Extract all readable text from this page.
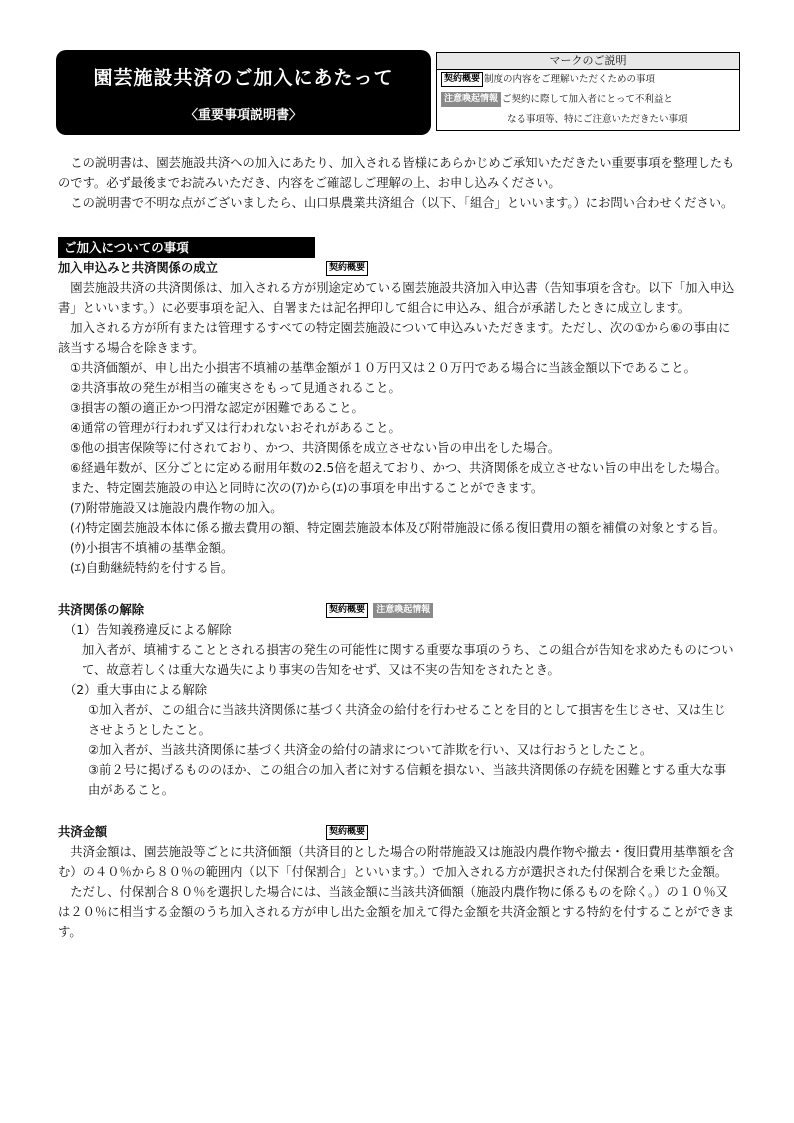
園芸施設共済のご加入にあたって
〈重要事項説明書〉
マークのご説明
契約概要 制度の内容をご理解いただくための事項
注意喚起情報 ご契約に際して加入者にとって不利益と
なる事項等、特にご注意いただきたい事項

この説明書は、園芸施設共済への加入にあたり、加入される皆様にあらかじめご承知いただきたい重要事項を整理したものです。必ず最後までお読みいただき、内容をご確認しご理解の上、お申し込みください。

この説明書で不明な点がございましたら、山口県農業共済組合（以下、「組合」といいます。）にお問い合わせください。

ご加入についての事項
加入申込みと共済関係の成立	契約概要

園芸施設共済の共済関係は、加入される方が別途定めている園芸施設共済加入申込書（告知事項を含む。以下「加入申込書」といいます。）に必要事項を記入、自署または記名押印して組合に申込み、組合が承諾したときに成立します。

加入される方が所有または管理するすべての特定園芸施設について申込みいただきます。ただし、次の①から⑥の事由に該当する場合を除きます。

①共済価額が、申し出た小損害不填補の基準金額が１０万円又は２０万円である場合に当該金額以下であること。

②共済事故の発生が相当の確実さをもって見通されること。

③損害の額の適正かつ円滑な認定が困難であること。

④通常の管理が行われず又は行われないおそれがあること。

⑤他の損害保険等に付されており、かつ、共済関係を成立させない旨の申出をした場合。

⑥経過年数が、区分ごとに定める耐用年数の2.5倍を超えており、かつ、共済関係を成立させない旨の申出をした場合。

また、特定園芸施設の申込と同時に次の(ｱ)から(ｴ)の事項を申出することができます。

(ｱ)附帯施設又は施設内農作物の加入。

(ｲ)特定園芸施設本体に係る撤去費用の額、特定園芸施設本体及び附帯施設に係る復旧費用の額を補償の対象とする旨。

(ｳ)小損害不填補の基準金額。

(ｴ)自動継続特約を付する旨。

共済関係の解除	契約概要 注意喚起情報

（1）告知義務違反による解除

加入者が、填補することとされる損害の発生の可能性に関する重要な事項のうち、この組合が告知を求めたものについて、故意若しくは重大な過失により事実の告知をせず、又は不実の告知をされたとき。

（2）重大事由による解除

①加入者が、この組合に当該共済関係に基づく共済金の給付を行わせることを目的として損害を生じさせ、又は生じさせようとしたこと。

②加入者が、当該共済関係に基づく共済金の給付の請求について詐欺を行い、又は行おうとしたこと。

③前２号に掲げるもののほか、この組合の加入者に対する信頼を損ない、当該共済関係の存続を困難とする重大な事由があること。

共済金額	契約概要

共済金額は、園芸施設等ごとに共済価額（共済目的とした場合の附帯施設又は施設内農作物や撤去・復旧費用基準額を含む）の４０％から８０％の範囲内（以下「付保割合」といいます。）で加入される方が選択された付保割合を乗じた金額。

ただし、付保割合８０％を選択した場合には、当該金額に当該共済価額（施設内農作物に係るものを除く。）の１０％又は２０％に相当する金額のうち加入される方が申し出た金額を加えて得た金額を共済金額とする特約を付することができます。
